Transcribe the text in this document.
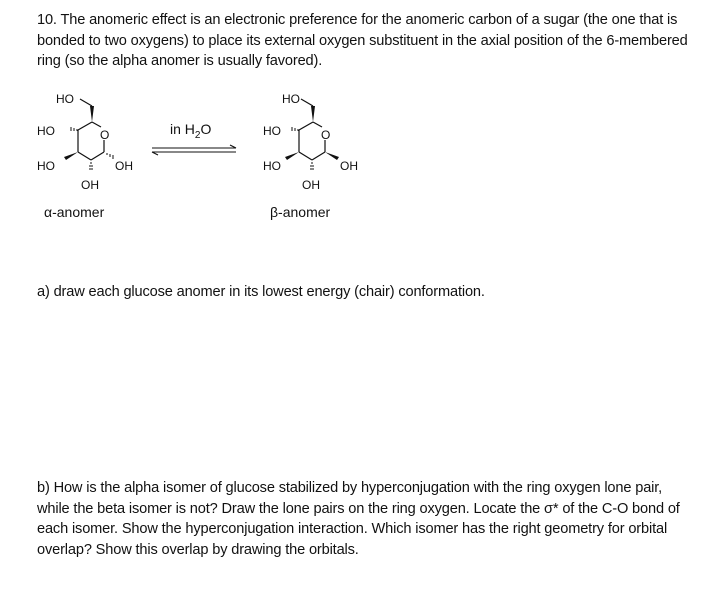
10. The anomeric effect is an electronic preference for the anomeric carbon of a sugar (the one that is bonded to two oxygens) to place its external oxygen substituent in the axial position of the 6-membered ring (so the alpha anomer is usually favored).
HO
HO	O
HO
OH
OH
α-anomer
in $H_2O$
HO
HO	O
HO
OH
OH
β-anomer
a) draw each glucose anomer in its lowest energy (chair) conformation.
b) How is the alpha isomer of glucose stabilized by hyperconjugation with the ring oxygen lone pair, while the beta isomer is not? Draw the lone pairs on the ring oxygen. Locate the σ* of the C-O bond of each isomer. Show the hyperconjugation interaction. Which isomer has the right geometry for orbital overlap? Show this overlap by drawing the orbitals.
